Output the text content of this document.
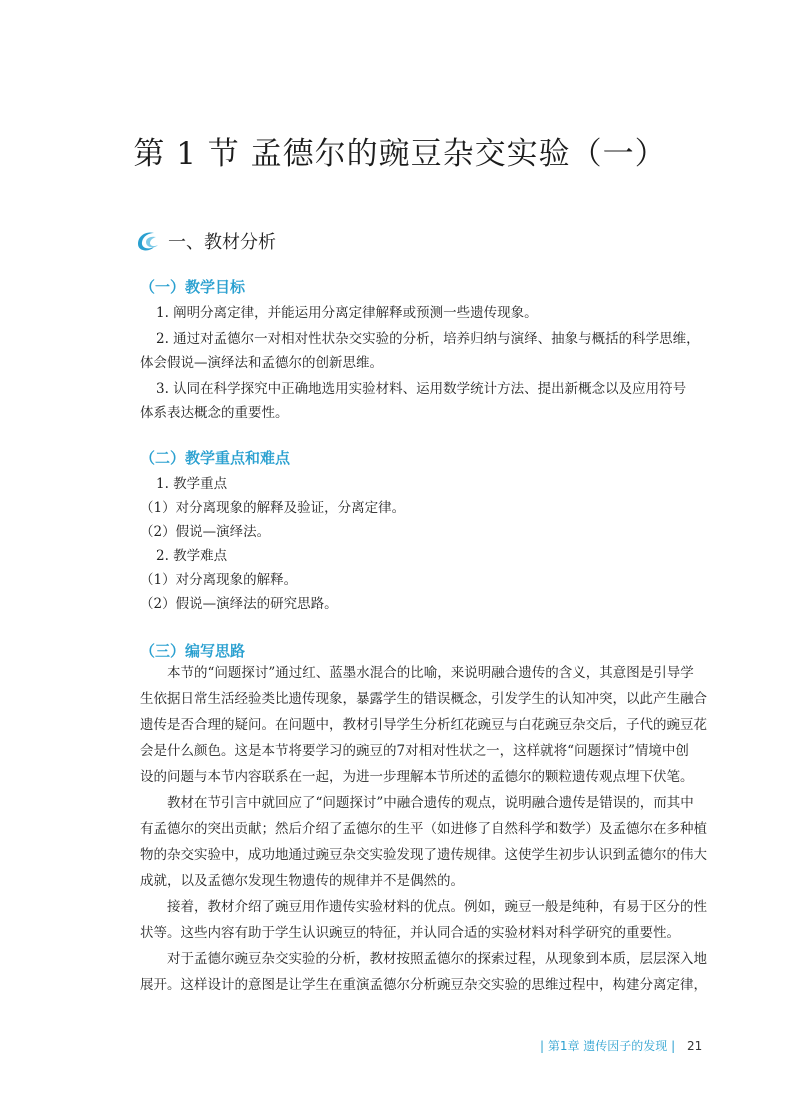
第 1 节 孟德尔的豌豆杂交实验（一）
一、教材分析
（一）教学目标
1. 阐明分离定律，并能运用分离定律解释或预测一些遗传现象。
2. 通过对孟德尔一对相对性状杂交实验的分析，培养归纳与演绎、抽象与概括的科学思维，
体会假说—演绎法和孟德尔的创新思维。
3. 认同在科学探究中正确地选用实验材料、运用数学统计方法、提出新概念以及应用符号
体系表达概念的重要性。
（二）教学重点和难点
1. 教学重点
（1）对分离现象的解释及验证，分离定律。
（2）假说—演绎法。
2. 教学难点
（1）对分离现象的解释。
（2）假说—演绎法的研究思路。
（三）编写思路
本节的“问题探讨”通过红、蓝墨水混合的比喻，来说明融合遗传的含义，其意图是引导学
生依据日常生活经验类比遗传现象，暴露学生的错误概念，引发学生的认知冲突，以此产生融合
遗传是否合理的疑问。在问题中，教材引导学生分析红花豌豆与白花豌豆杂交后，子代的豌豆花
会是什么颜色。这是本节将要学习的豌豆的7对相对性状之一，这样就将“问题探讨”情境中创
设的问题与本节内容联系在一起，为进一步理解本节所述的孟德尔的颗粒遗传观点埋下伏笔。
教材在节引言中就回应了“问题探讨”中融合遗传的观点，说明融合遗传是错误的，而其中
有孟德尔的突出贡献；然后介绍了孟德尔的生平（如进修了自然科学和数学）及孟德尔在多种植
物的杂交实验中，成功地通过豌豆杂交实验发现了遗传规律。这使学生初步认识到孟德尔的伟大
成就，以及孟德尔发现生物遗传的规律并不是偶然的。
接着，教材介绍了豌豆用作遗传实验材料的优点。例如，豌豆一般是纯种，有易于区分的性
状等。这些内容有助于学生认识豌豆的特征，并认同合适的实验材料对科学研究的重要性。
对于孟德尔豌豆杂交实验的分析，教材按照孟德尔的探索过程，从现象到本质，层层深入地
展开。这样设计的意图是让学生在重演孟德尔分析豌豆杂交实验的思维过程中，构建分离定律，
| 第1章 遗传因子的发现 | 21
